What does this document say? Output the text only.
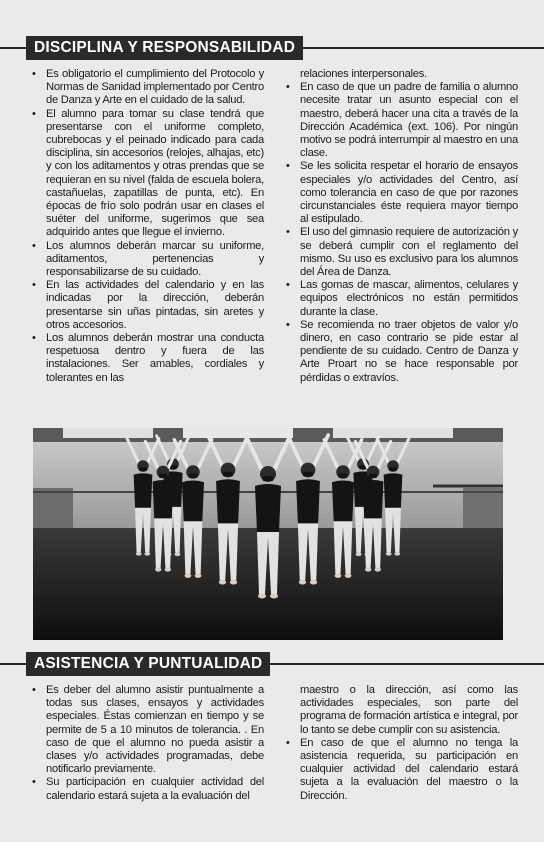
DISCIPLINA Y RESPONSABILIDAD
• Es obligatorio el cumplimiento del Protocolo y Normas de Sanidad implementado por Centro de Danza y Arte en el cuidado de la salud.
• El alumno para tomar su clase tendrá que presentarse con el uniforme completo, cubrebocas y el peinado indicado para cada disciplina, sin accesorios (relojes, alhajas, etc) y con los aditamentos y otras prendas que se requieran en su nivel (falda de escuela bolera, castañuelas, zapatillas de punta, etc). En épocas de frío solo podrán usar en clases el suéter del uniforme, sugerimos que sea adquirido antes que llegue el invierno.
• Los alumnos deberán marcar su uniforme, aditamentos, pertenencias y responsabilizarse de su cuidado.
• En las actividades del calendario y en las indicadas por la dirección, deberán presentarse sin uñas pintadas, sin aretes y otros accesorios.
• Los alumnos deberán mostrar una conducta respetuosa dentro y fuera de las instalaciones. Ser amables, cordiales y tolerantes en las
relaciones interpersonales.
• En caso de que un padre de familia o alumno necesite tratar un asunto especial con el maestro, deberá hacer una cita a través de la Dirección Académica (ext. 106). Por ningún motivo se podrá interrumpir al maestro en una clase.
• Se les solicita respetar el horario de ensayos especiales y/o actividades del Centro, así como tolerancia en caso de que por razones circunstanciales éste requiera mayor tiempo al estipulado.
• El uso del gimnasio requiere de autorización y se deberá cumplir con el reglamento del mismo. Su uso es exclusivo para los alumnos del Área de Danza.
• Las gomas de mascar, alimentos, celulares y equipos electrónicos no están permitidos durante la clase.
• Se recomienda no traer objetos de valor y/o dinero, en caso contrario se pide estar al pendiente de su cuidado. Centro de Danza y Arte Proart no se hace responsable por pérdidas o extravíos.
ASISTENCIA Y PUNTUALIDAD
• Es deber del alumno asistir puntualmente a todas sus clases, ensayos y actividades especiales. Éstas comienzan en tiempo y se permite de 5 a 10 minutos de tolerancia. . En caso de que el alumno no pueda asistir a clases y/o actividades programadas, debe notificarlo previamente.
• Su participación en cualquier actividad del calendario estará sujeta a la evaluación del
maestro o la dirección, así como las actividades especiales, son parte del programa de formación artística e integral, por lo tanto se debe cumplir con su asistencia.
• En caso de que el alumno no tenga la asistencia requerida, su participación en cualquier actividad del calendario estará sujeta a la evaluación del maestro o la Dirección.
